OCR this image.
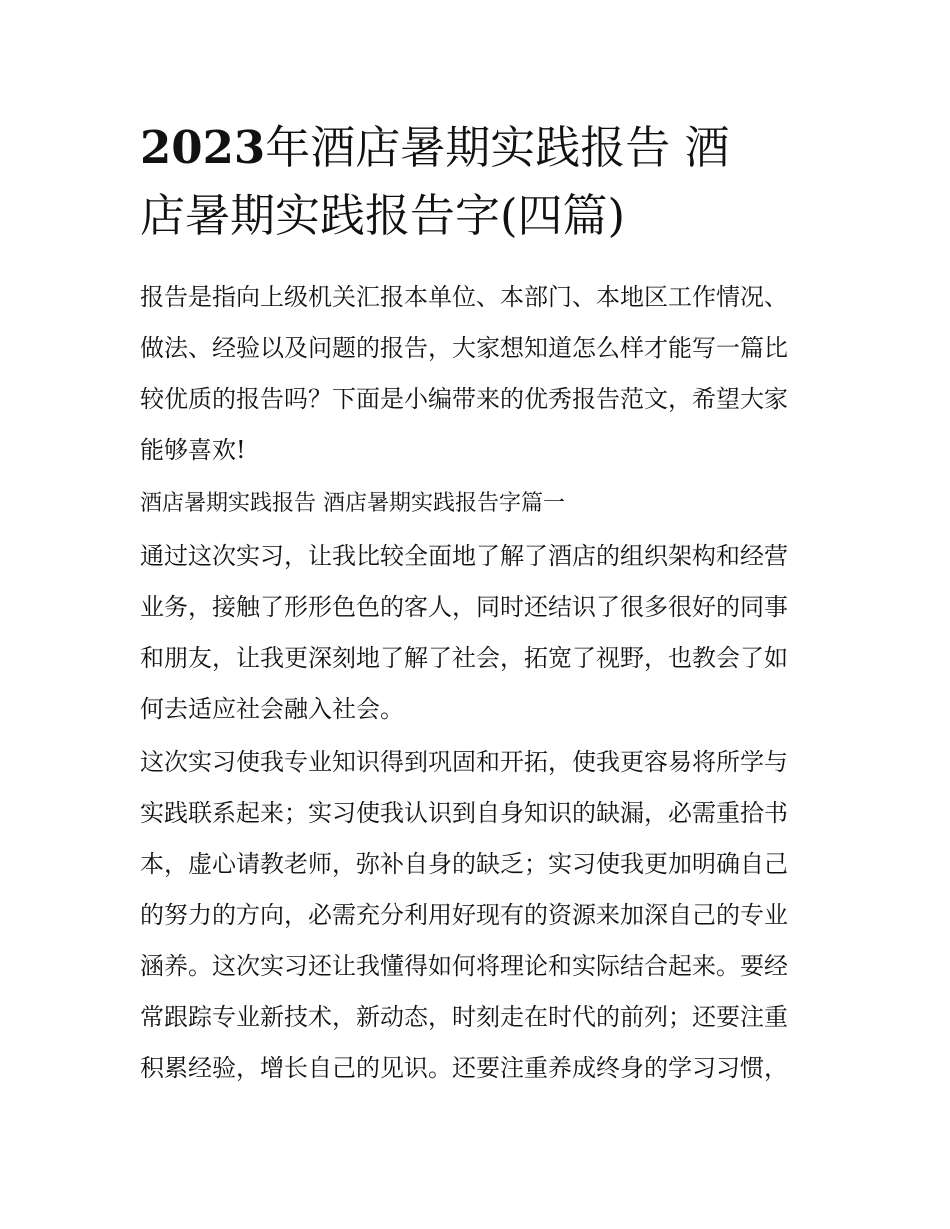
2023年酒店暑期实践报告 酒
店暑期实践报告字(四篇)

报告是指向上级机关汇报本单位、本部门、本地区工作情况、
做法、经验以及问题的报告，大家想知道怎么样才能写一篇比
较优质的报告吗？下面是小编带来的优秀报告范文，希望大家
能够喜欢!

酒店暑期实践报告 酒店暑期实践报告字篇一

通过这次实习，让我比较全面地了解了酒店的组织架构和经营
业务，接触了形形色色的客人，同时还结识了很多很好的同事
和朋友，让我更深刻地了解了社会，拓宽了视野，也教会了如
何去适应社会融入社会。

这次实习使我专业知识得到巩固和开拓，使我更容易将所学与
实践联系起来；实习使我认识到自身知识的缺漏，必需重拾书
本，虚心请教老师，弥补自身的缺乏；实习使我更加明确自己
的努力的方向，必需充分利用好现有的资源来加深自己的专业
涵养。这次实习还让我懂得如何将理论和实际结合起来。要经
常跟踪专业新技术，新动态，时刻走在时代的前列；还要注重
积累经验，增长自己的见识。还要注重养成终身的学习习惯，
